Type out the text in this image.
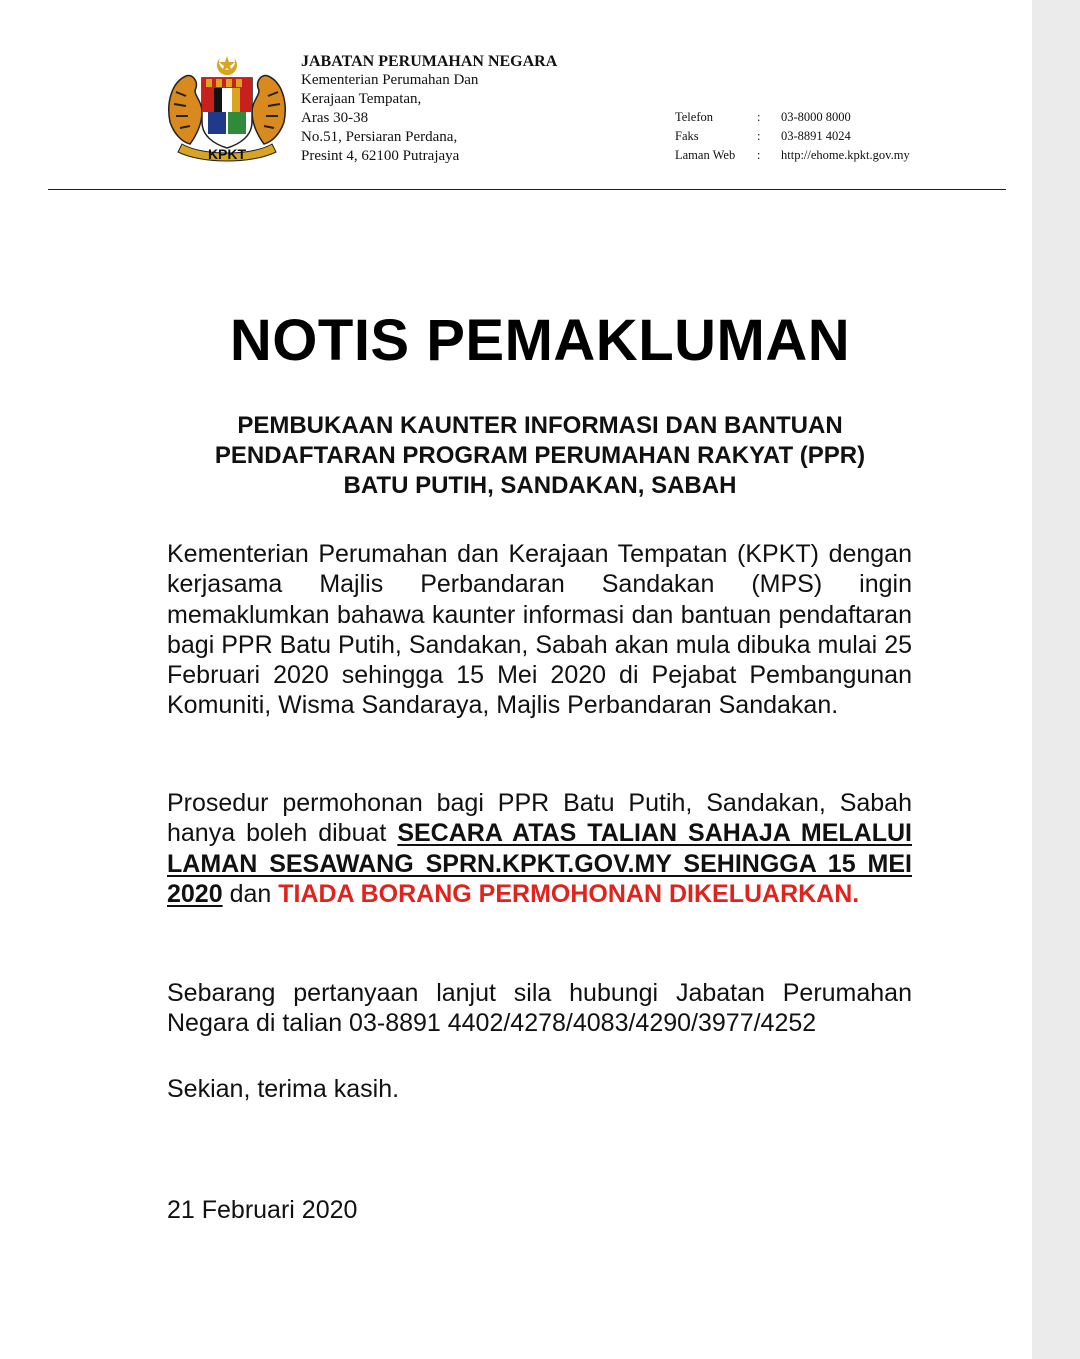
KPKT
JABATAN PERUMAHAN NEGARA
Kementerian Perumahan Dan
Kerajaan Tempatan,
Aras 30-38
No.51, Persiaran Perdana,
Presint 4, 62100 Putrajaya
Telefon	:	03-8000 8000
Faks	:	03-8891 4024
Laman Web	:	http://ehome.kpkt.gov.my
NOTIS PEMAKLUMAN
PEMBUKAAN KAUNTER INFORMASI DAN BANTUAN
PENDAFTARAN PROGRAM PERUMAHAN RAKYAT (PPR)
BATU PUTIH, SANDAKAN, SABAH
Kementerian Perumahan dan Kerajaan Tempatan (KPKT) dengan kerjasama Majlis Perbandaran Sandakan (MPS) ingin memaklumkan bahawa kaunter informasi dan bantuan pendaftaran bagi PPR Batu Putih, Sandakan, Sabah akan mula dibuka mulai 25 Februari 2020 sehingga 15 Mei 2020 di Pejabat Pembangunan Komuniti, Wisma Sandaraya, Majlis Perbandaran Sandakan.
Prosedur permohonan bagi PPR Batu Putih, Sandakan, Sabah hanya boleh dibuat SECARA ATAS TALIAN SAHAJA MELALUI LAMAN SESAWANG SPRN.KPKT.GOV.MY SEHINGGA 15 MEI 2020 dan TIADA BORANG PERMOHONAN DIKELUARKAN.
Sebarang pertanyaan lanjut sila hubungi Jabatan Perumahan Negara di talian 03-8891 4402/4278/4083/4290/3977/4252
Sekian, terima kasih.
21 Februari 2020
